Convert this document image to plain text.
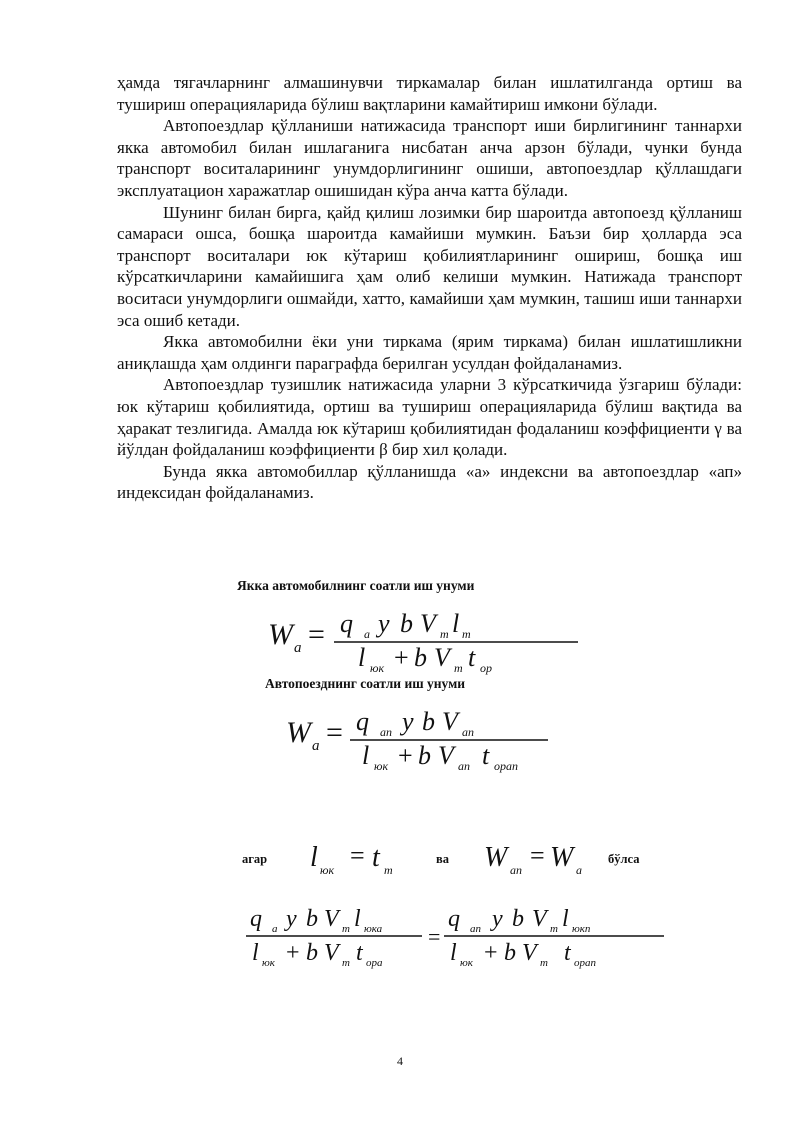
ҳамда тягачларнинг алмашинувчи тиркамалар билан ишлатилганда ортиш ва тушириш операцияларида бўлиш вақтларини камайтириш имкони бўлади.

Автопоездлар қўлланиши натижасида транспорт иши бирлигининг таннархи якка автомобил билан ишлаганига нисбатан анча арзон бўлади, чунки бунда транспорт воситаларининг унумдорлигининг ошиши, автопоездлар қўллашдаги эксплуатацион харажатлар ошишидан кўра анча катта бўлади.

Шунинг билан бирга, қайд қилиш лозимки бир шароитда автопоезд қўлланиш самараси ошса, бошқа шароитда камайиши мумкин. Баъзи бир ҳолларда эса транспорт воситалари юк кўтариш қобилиятларининг ошириш, бошқа иш кўрсаткичларини камайишига ҳам олиб келиши мумкин. Натижада транспорт воситаси унумдорлиги ошмайди, хатто, камайиши ҳам мумкин, ташиш иши таннархи эса ошиб кетади.

Якка автомобилни ёки уни тиркама (ярим тиркама) билан ишлатишликни аниқлашда ҳам олдинги параграфда берилган усулдан фойдаланамиз.

Автопоездлар тузишлик натижасида уларни 3 кўрсаткичида ўзгариш бўлади: юк кўтариш қобилиятида, ортиш ва тушириш операцияларида бўлиш вақтида ва ҳаракат тезлигида. Амалда юк кўтариш қобилиятидан фодаланиш коэффициенти γ ва йўлдан фойдаланиш коэффициенти β бир хил қолади.

Бунда якка автомобиллар қўлланишда «а» индексни ва автопоездлар «ап» индексидан фойдаланамиз.

Якка автомобилнинг соатли иш унуми
W a = q a y b V т l т
l юк + b V т t ор
Автопоезднинг соатли иш унуми
W a = q aп y b V aп
l юк + b V aп t орап
агар l юк = t т
ва W aп = W a
бўлса
q a y b V т l юка
l юк + b V т t ора
=
q aп y b V т l юкп
l юк + b V т t орап
4
